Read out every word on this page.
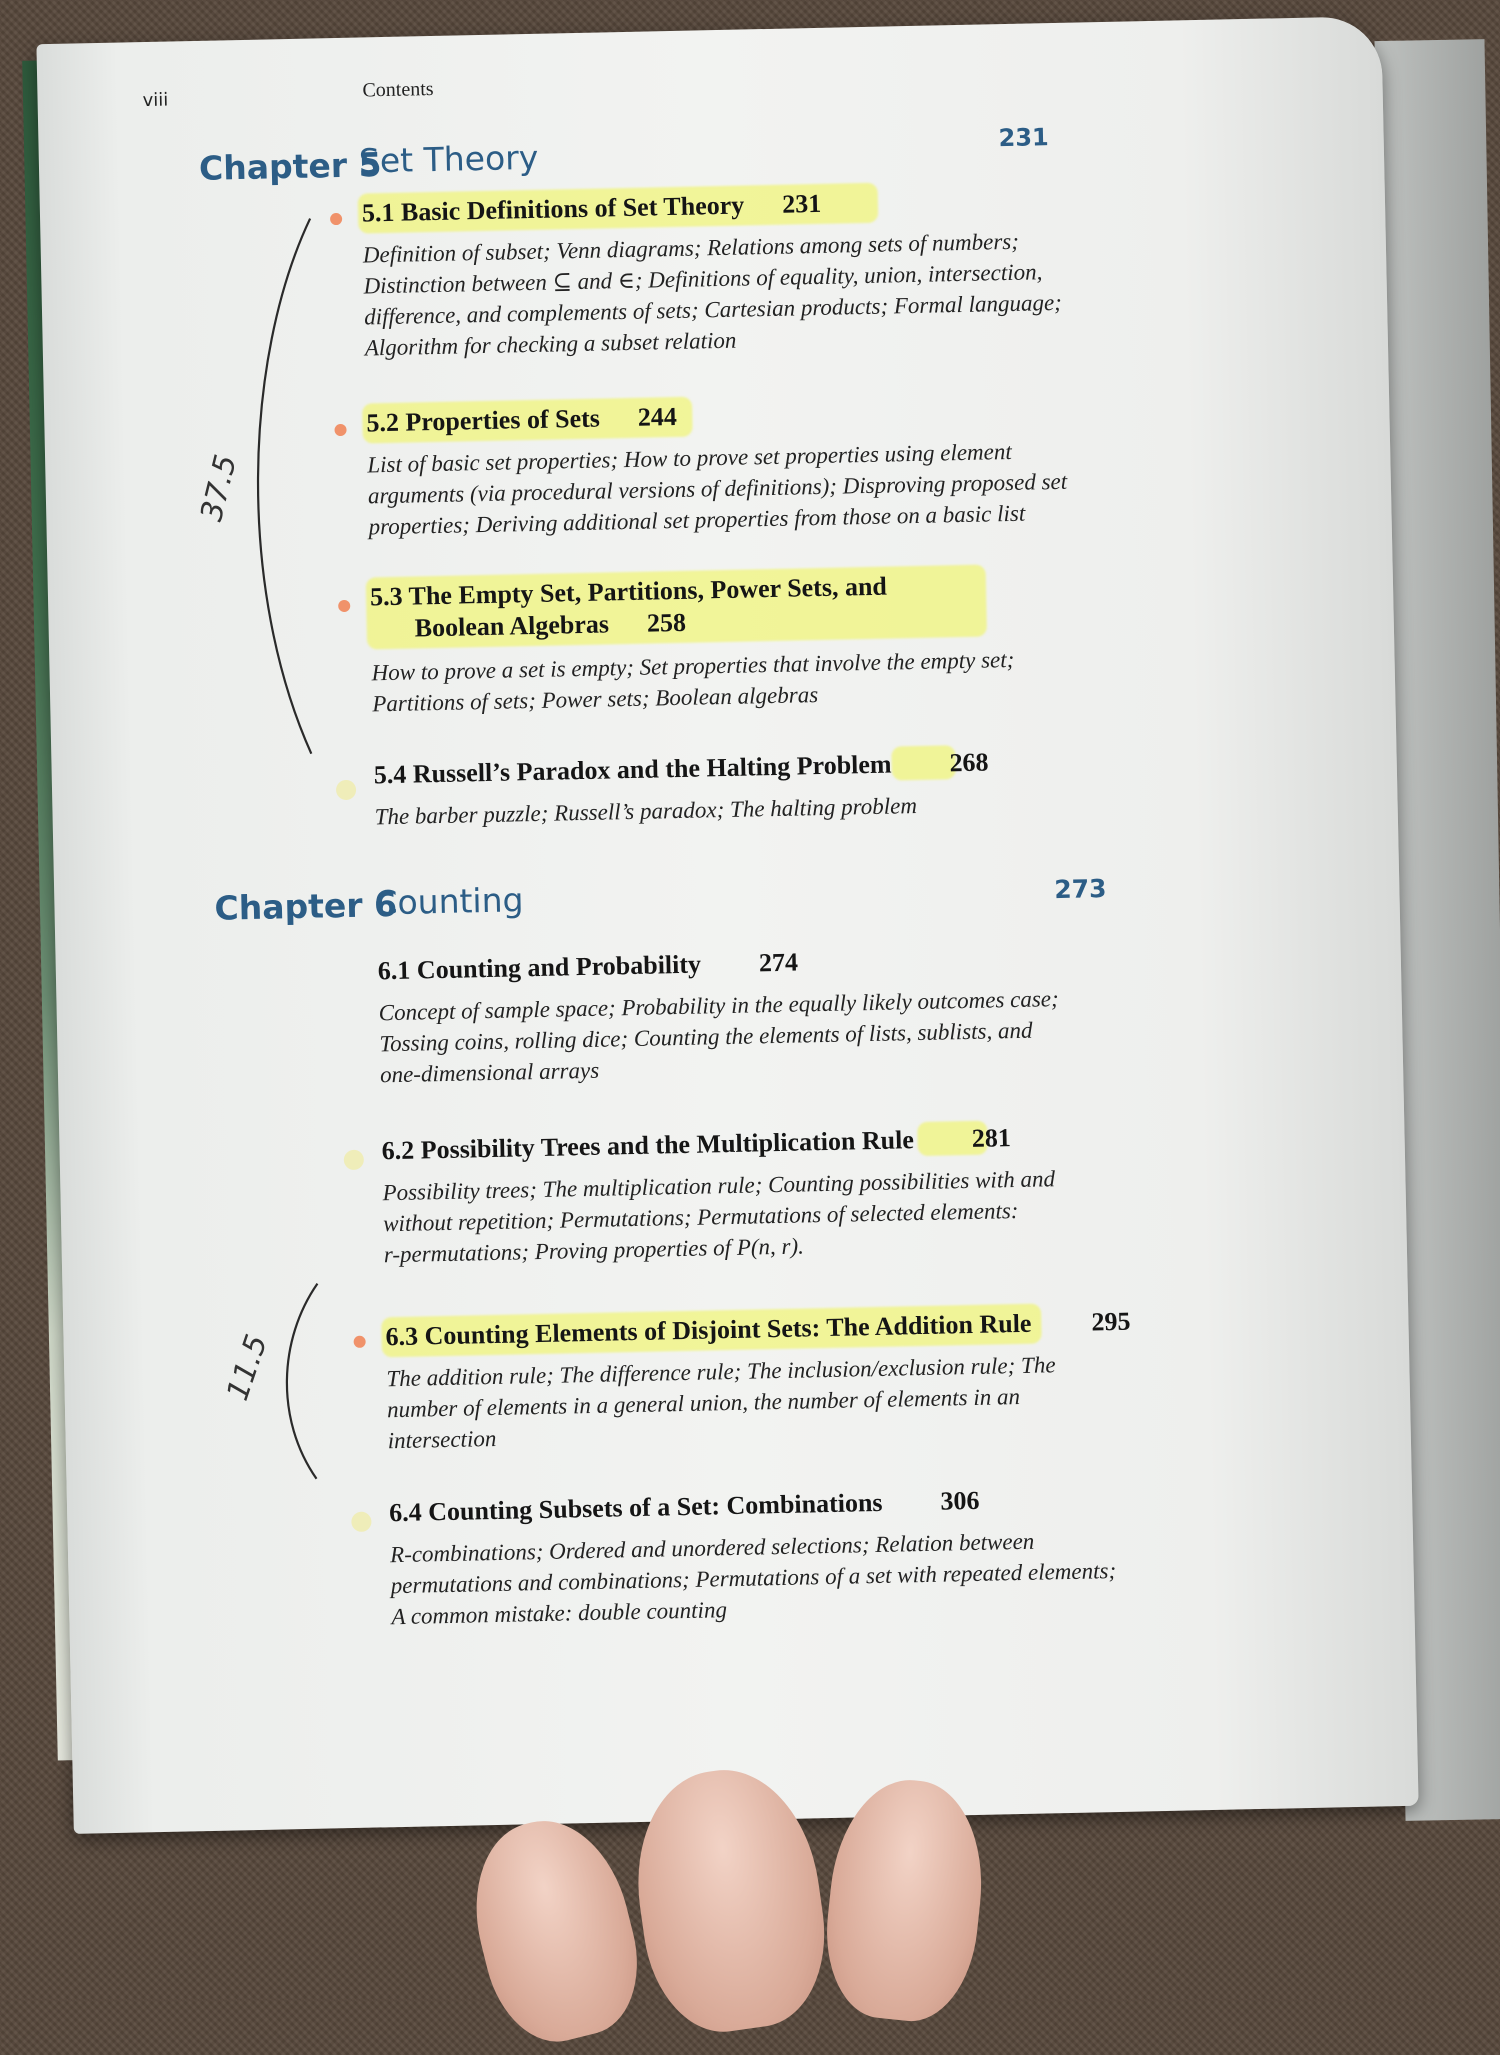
viii	Contents
231
Chapter 5
Set Theory
37.5
5.1 Basic Definitions of Set Theory 231
Definition of subset; Venn diagrams; Relations among sets of numbers;
Distinction between ⊆ and ∈; Definitions of equality, union, intersection,
difference, and complements of sets; Cartesian products; Formal language;
Algorithm for checking a subset relation
5.2 Properties of Sets 244
List of basic set properties; How to prove set properties using element
arguments (via procedural versions of definitions); Disproving proposed set
properties; Deriving additional set properties from those on a basic list
5.3 The Empty Set, Partitions, Power Sets, and
Boolean Algebras 258
How to prove a set is empty; Set properties that involve the empty set;
Partitions of sets; Power sets; Boolean algebras
5.4 Russell’s Paradox and the Halting Problem 268
The barber puzzle; Russell’s paradox; The halting problem
Chapter 6
Counting	273
6.1 Counting and Probability 274
Concept of sample space; Probability in the equally likely outcomes case;
Tossing coins, rolling dice; Counting the elements of lists, sublists, and
one-dimensional arrays
6.2 Possibility Trees and the Multiplication Rule 281
Possibility trees; The multiplication rule; Counting possibilities with and
without repetition; Permutations; Permutations of selected elements:
r-permutations; Proving properties of P(n, r).
11.5
6.3 Counting Elements of Disjoint Sets: The Addition Rule 295
The addition rule; The difference rule; The inclusion/exclusion rule; The
number of elements in a general union, the number of elements in an
intersection
6.4 Counting Subsets of a Set: Combinations 306
R-combinations; Ordered and unordered selections; Relation between
permutations and combinations; Permutations of a set with repeated elements;
A common mistake: double counting
